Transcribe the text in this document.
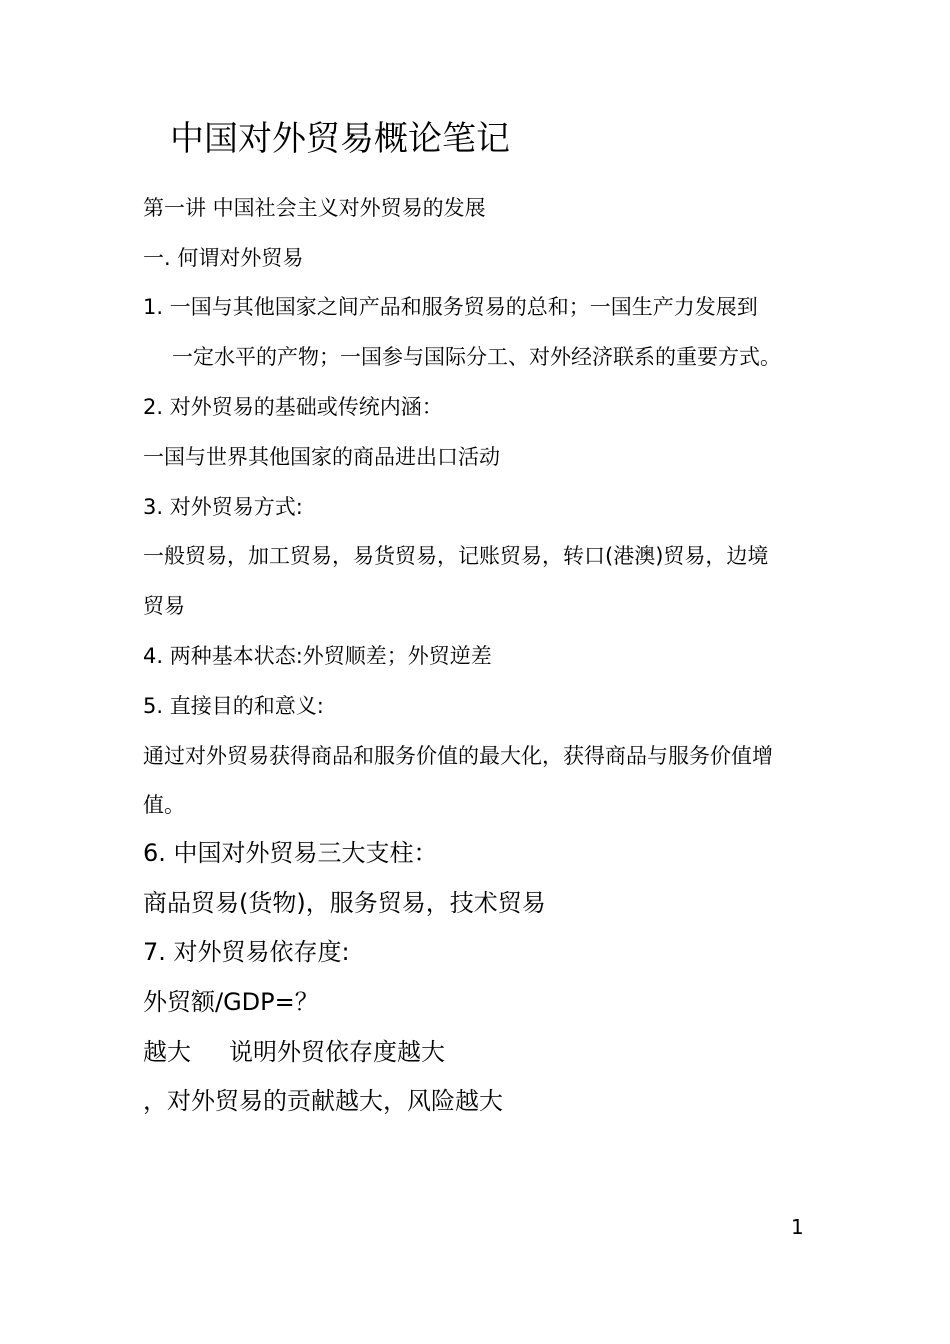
中国对外贸易概论笔记
第一讲 中国社会主义对外贸易的发展
一. 何谓对外贸易
1. 一国与其他国家之间产品和服务贸易的总和；一国生产力发展到
一定水平的产物；一国参与国际分工、对外经济联系的重要方式。
2. 对外贸易的基础或传统内涵：
一国与世界其他国家的商品进出口活动
3. 对外贸易方式:
一般贸易，加工贸易，易货贸易，记账贸易，转口(港澳)贸易，边境
贸易
4. 两种基本状态:外贸顺差；外贸逆差
5. 直接目的和意义:
通过对外贸易获得商品和服务价值的最大化，获得商品与服务价值增
值。
6. 中国对外贸易三大支柱：
商品贸易(货物)，服务贸易，技术贸易
7. 对外贸易依存度:
外贸额/GDP=？
越大 说明外贸依存度越大
，对外贸易的贡献越大，风险越大
1
